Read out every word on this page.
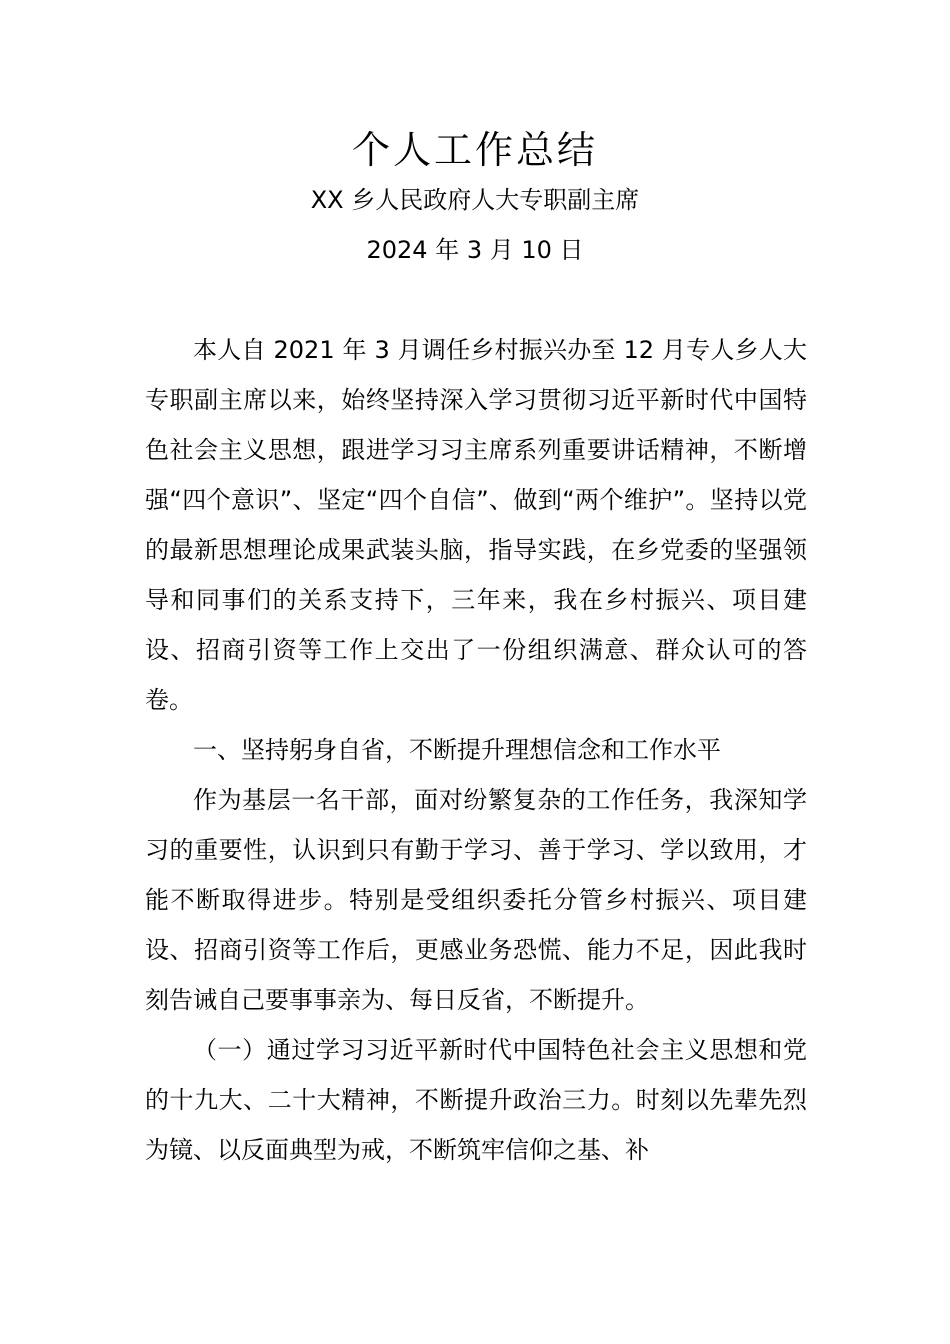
个人工作总结
XX 乡人民政府人大专职副主席
2024 年 3 月 10 日

本人自 2021 年 3 月调任乡村振兴办至 12 月专人乡人大专职副主席以来，始终坚持深入学习贯彻习近平新时代中国特色社会主义思想，跟进学习习主席系列重要讲话精神，不断增强“四个意识”、坚定“四个自信”、做到“两个维护”。坚持以党的最新思想理论成果武装头脑，指导实践，在乡党委的坚强领导和同事们的关系支持下，三年来，我在乡村振兴、项目建设、招商引资等工作上交出了一份组织满意、群众认可的答卷。

一、坚持躬身自省，不断提升理想信念和工作水平

作为基层一名干部，面对纷繁复杂的工作任务，我深知学习的重要性，认识到只有勤于学习、善于学习、学以致用，才能不断取得进步。特别是受组织委托分管乡村振兴、项目建设、招商引资等工作后，更感业务恐慌、能力不足，因此我时刻告诫自己要事事亲为、每日反省，不断提升。

（一）通过学习习近平新时代中国特色社会主义思想和党的十九大、二十大精神，不断提升政治三力。时刻以先辈先烈为镜、以反面典型为戒，不断筑牢信仰之基、补
